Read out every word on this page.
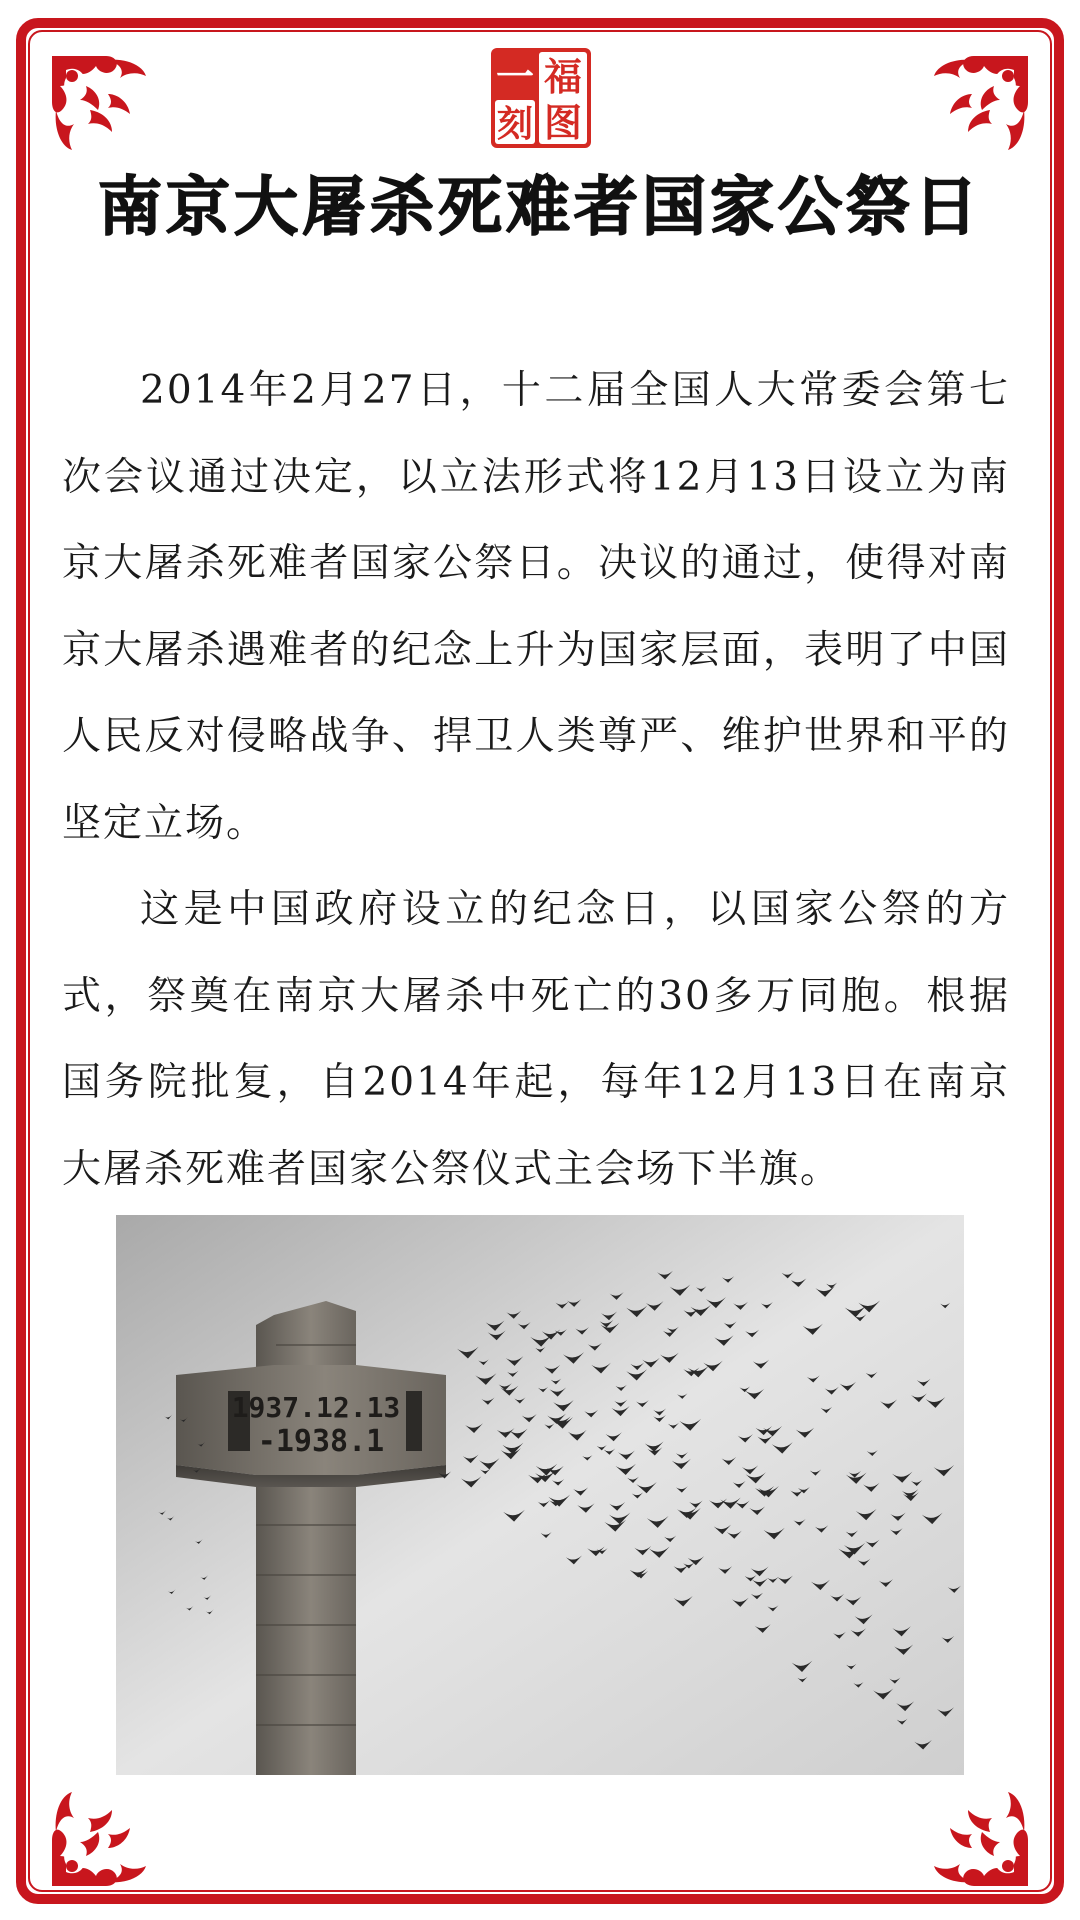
福
一
图
刻
南京大屠杀死难者国家公祭日

2014年2月27日，十二届全国人大常委会第七次会议通过决定，以立法形式将12月13日设立为南京大屠杀死难者国家公祭日。决议的通过，使得对南京大屠杀遇难者的纪念上升为国家层面，表明了中国人民反对侵略战争、捍卫人类尊严、维护世界和平的坚定立场。

这是中国政府设立的纪念日，以国家公祭的方式，祭奠在南京大屠杀中死亡的30多万同胞。根据国务院批复，自2014年起，每年12月13日在南京大屠杀死难者国家公祭仪式主会场下半旗。

1937.12.13
-1938.1
